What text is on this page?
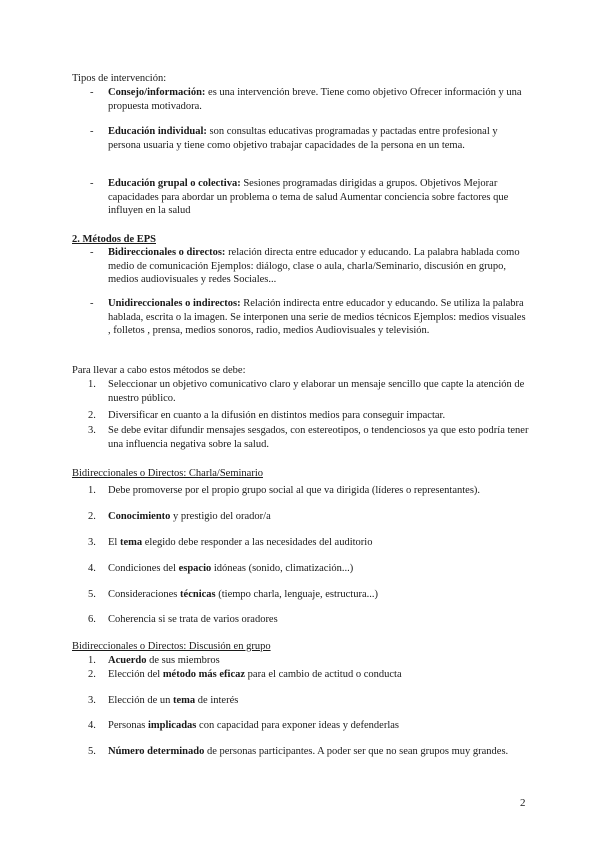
Tipos de intervención:
- Consejo/información: es una intervención breve. Tiene como objetivo Ofrecer información y una propuesta motivadora.
- Educación individual: son consultas educativas programadas y pactadas entre profesional y persona usuaria y tiene como objetivo trabajar capacidades de la persona en un tema.
- Educación grupal o colectiva: Sesiones programadas dirigidas a grupos. Objetivos Mejorar capacidades para abordar un problema o tema de salud Aumentar conciencia sobre factores que influyen en la salud
2. Métodos de EPS
- Bidireccionales o directos: relación directa entre educador y educando. La palabra hablada como medio de comunicación Ejemplos: diálogo, clase o aula, charla/Seminario, discusión en grupo, medios audiovisuales y redes Sociales...
- Unidireccionales o indirectos: Relación indirecta entre educador y educando. Se utiliza la palabra hablada, escrita o la imagen. Se interponen una serie de medios técnicos Ejemplos: medios visuales , folletos , prensa, medios sonoros, radio, medios Audiovisuales y televisión.
Para llevar a cabo estos métodos se debe:
1.	Seleccionar un objetivo comunicativo claro y elaborar un mensaje sencillo que capte la atención de nuestro público.
2.	Diversificar en cuanto a la difusión en distintos medios para conseguir impactar.
3.	Se debe evitar difundir mensajes sesgados, con estereotipos, o tendenciosos ya que esto podría tener una influencia negativa sobre la salud.
Bidireccionales o Directos: Charla/Seminario
1.	Debe promoverse por el propio grupo social al que va dirigida (líderes o representantes).
2.	Conocimiento y prestigio del orador/a
3.	El tema elegido debe responder a las necesidades del auditorio
4.	Condiciones del espacio idóneas (sonido, climatización...)
5.	Consideraciones técnicas (tiempo charla, lenguaje, estructura...)
6.	Coherencia si se trata de varios oradores
Bidireccionales o Directos: Discusión en grupo
1.	Acuerdo de sus miembros
2.	Elección del método más eficaz para el cambio de actitud o conducta
3.	Elección de un tema de interés
4.	Personas implicadas con capacidad para exponer ideas y defenderlas
5.	Número determinado de personas participantes. A poder ser que no sean grupos muy grandes.
2
